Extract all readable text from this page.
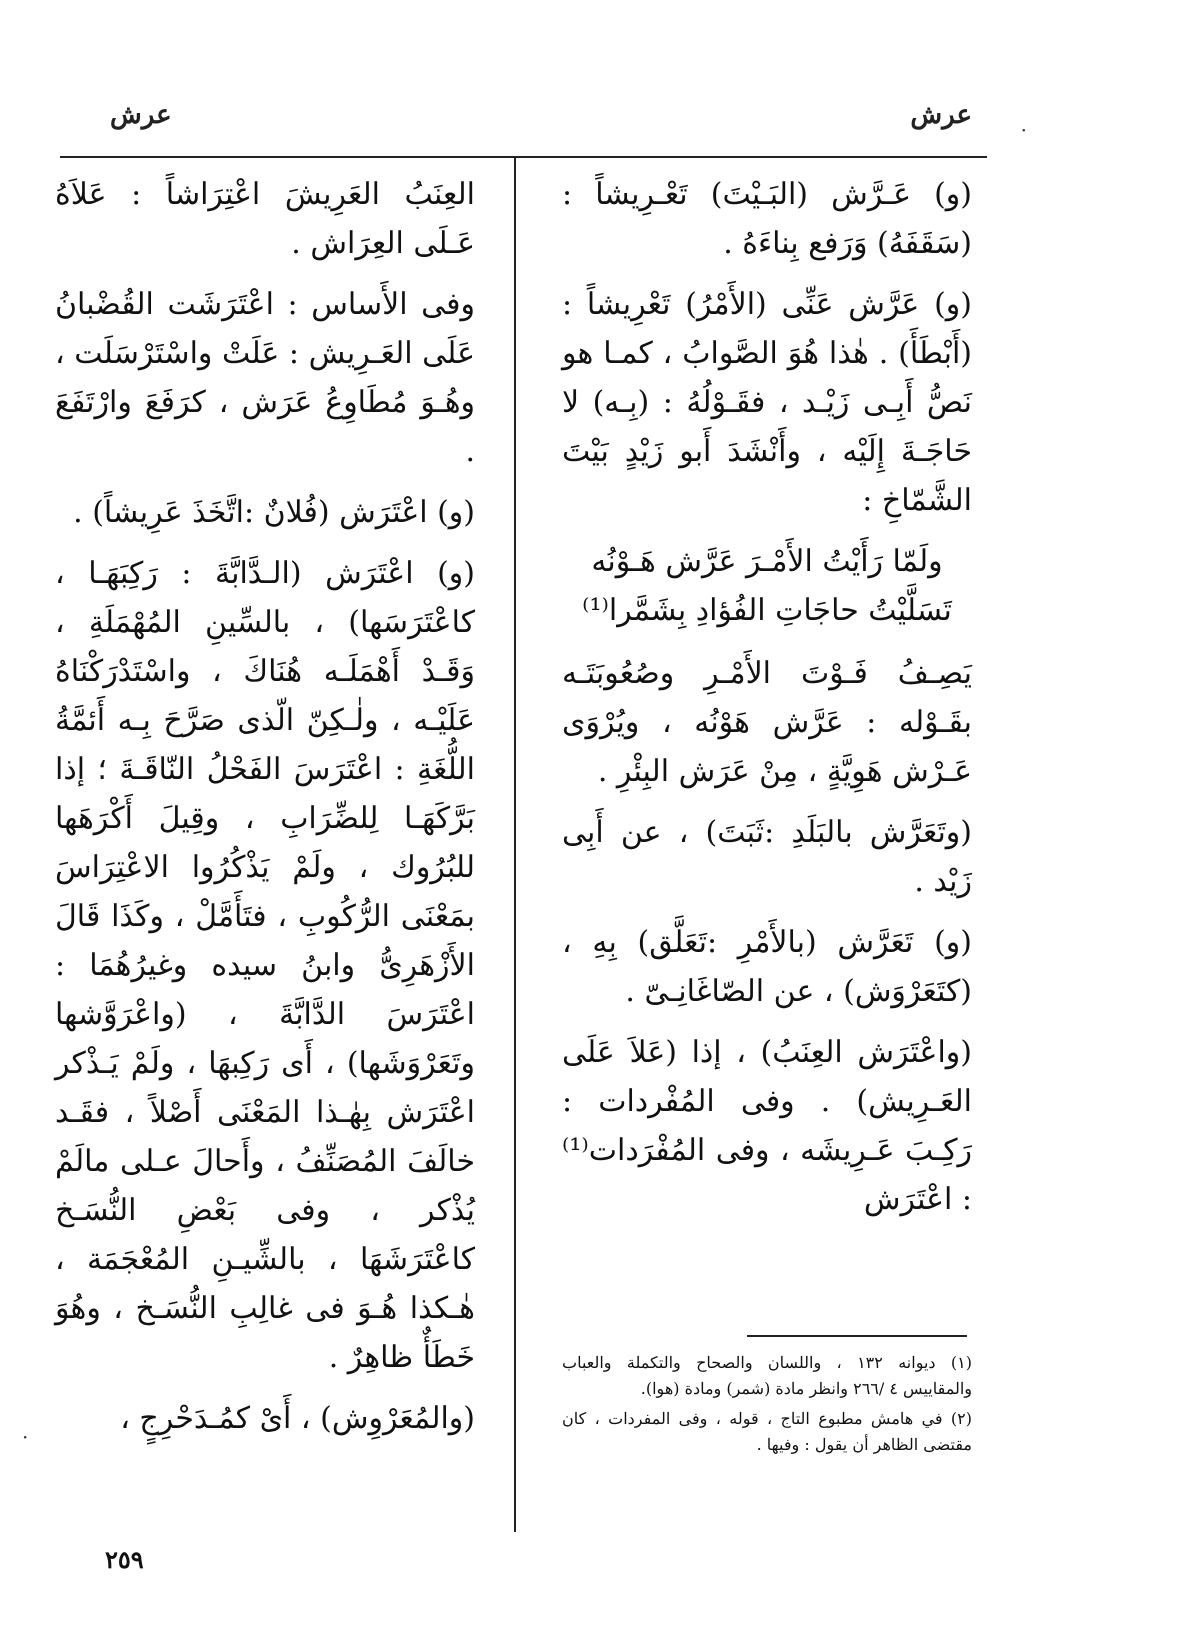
عرش
عرش	·

(و) عَـرَّش (البَـيْتَ) تَعْـرِيشاً : (سَقَفَهُ) وَرَفع بِناءَهُ .

(و) عَرَّش عَنِّى (الأَمْرُ) تَعْرِيشاً : (أَبْطَأَ) . هٰذا هُوَ الصَّوابُ ، كمـا هو نَصُّ أَبِـى زَيْـد ، فقَـوْلُهُ : (بِـه) لا حَاجَـةَ إِلَيْه ، وأَنْشَدَ أَبو زَيْدٍ بَيْتَ الشَّمّاخِ :

ولَمّا رَأَيْتُ الأَمْـرَ عَرَّش هَـوْنُه
تَسَلَّيْتُ حاجَاتِ الفُؤادِ بِشَمَّرا⁽¹⁾

يَصِـفُ فَـوْتَ الأَمْـرِ وصُعُوبَتَـه بقَـوْله : عَرَّش هَوْنُه ، ويُرْوَى عَـرْش هَوِيَّةٍ ، مِنْ عَرَش البِئْرِ .

(وتَعَرَّش بالبَلَدِ :ثَبَتَ) ، عن أَبِى زَيْد .

(و) تَعَرَّش (بالأَمْرِ :تَعَلَّق) بِهِ ، (كتَعَرْوَش) ، عن الصّاغَانِـىّ .

(واعْتَرَش العِنَبُ) ، إذا (عَلاَ عَلَى العَـرِيش) . وفى المُفْردات : رَكِـبَ عَـرِيشَه ، وفى المُفْرَدات⁽¹⁾ : اعْتَرَش

العِنَبُ العَرِيشَ اعْتِرَاشاً : عَلاَهُ عَـلَى العِرَاش .

وفى الأَساس : اعْتَرَشَت القُضْبانُ عَلَى العَـرِيش : عَلَتْ واسْتَرْسَلَت ، وهُـوَ مُطَاوِعُ عَرَش ، كرَفَعَ وارْتَفَعَ .

(و) اعْتَرَش (فُلانٌ :اتَّخَذَ عَرِيشاً) .

(و) اعْتَرَش (الـدَّابَّةَ : رَكِبَهَـا ، كاعْتَرَسَها) ، بالسِّينِ المُهْمَلَةِ ، وَقَـدْ أَهْمَلَـه هُنَاكَ ، واسْتَدْرَكْنَاهُ عَلَيْـه ، ولٰـكِنّ الّذى صَرَّحَ بِـه أَئمَّةُ اللُّغَةِ : اعْتَرَسَ الفَحْلُ النّاقَـةَ ؛ إذا بَرَّكَهَـا لِلضِّرَابِ ، وقِيلَ أَكْرَهَها للبُرُوك ، ولَمْ يَذْكُرُوا الاعْتِرَاسَ بمَعْنَى الرُّكُوبِ ، فتَأَمَّلْ ، وكَذَا قَالَ الأَزْهَرِىُّ وابنُ سيده وغيرُهُمَا : اعْتَرَسَ الدَّابَّةَ ، (واعْرَوَّشها وتَعَرْوَشَها) ، أَى رَكِبهَا ، ولَمْ يَـذْكر اعْتَرَش بِهٰـذا المَعْنَى أَصْلاً ، فقَـد خالَفَ المُصَنِّفُ ، وأَحالَ عـلى مالَمْ يُذْكر ، وفى بَعْضِ النُّسَـخ كاعْتَرَشَهَا ، بالشِّيـنِ المُعْجَمَة ، هٰـكذا هُـوَ فى غالِبِ النُّسَـخ ، وهُوَ خَطَأٌ ظاهِرٌ .

(والمُعَرْوِش) ، أَىْ كمُـدَحْرِجٍ ،

(١) ديوانه ١٣٢ ، واللسان والصحاح والتكملة والعباب والمقاييس ٤ /٢٦٦ وانظر مادة (شمر) ومادة (هوا).

(٢) في هامش مطبوع التاج ، قوله ، وفى المفردات ، كان مقتضى الظاهر أن يقول : وفيها .

·
٢٥٩
